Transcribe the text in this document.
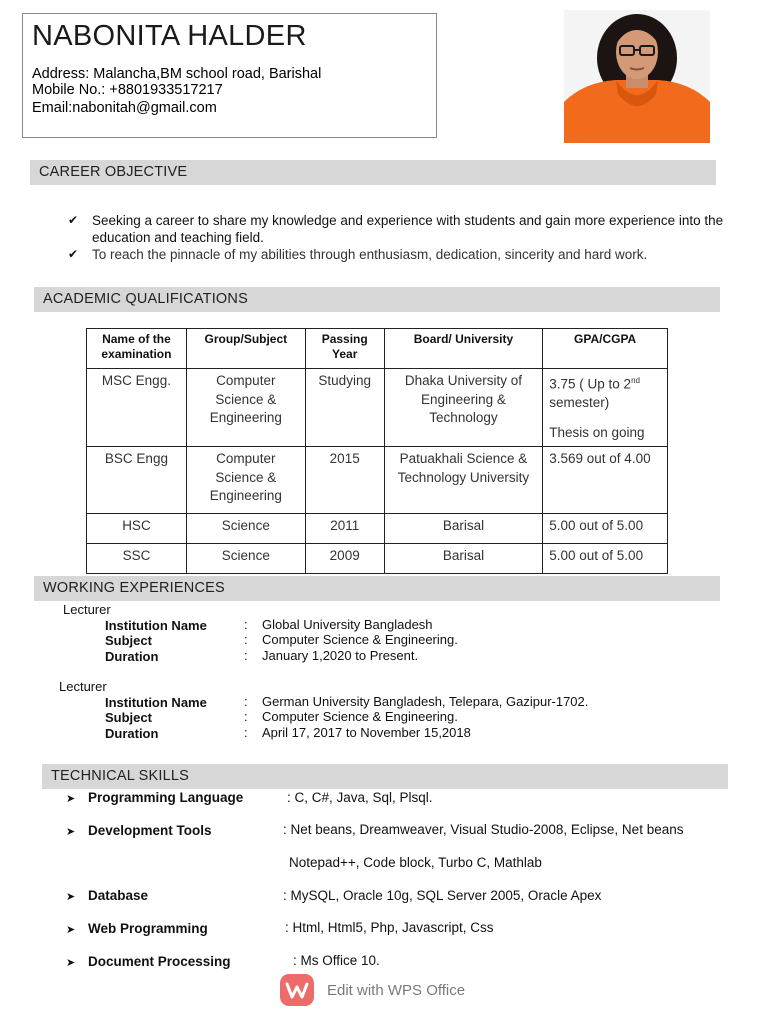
NABONITA HALDER
Address: Malancha,BM school road, Barishal
Mobile No.: +8801933517217
Email:nabonitah@gmail.com
CAREER OBJECTIVE
✔ Seeking a career to share my knowledge and experience with students and gain more experience into the education and teaching field.
✔ To reach the pinnacle of my abilities through enthusiasm, dedication, sincerity and hard work.
ACADEMIC QUALIFICATIONS
Name of the examination	Group/Subject	Passing Year	Board/ University	GPA/CGPA
MSC Engg.	Computer Science & Engineering	Studying	Dhaka University of Engineering & Technology	3.75 ( Up to 2nd
semester)
Thesis on going
BSC Engg	Computer Science & Engineering	2015	Patuakhali Science & Technology University	3.569 out of 4.00
HSC	Science	2011	Barisal	5.00 out of 5.00
SSC	Science	2009	Barisal	5.00 out of 5.00
WORKING EXPERIENCES
Lecturer
Institution Name	: Global University Bangladesh
Subject	: Computer Science & Engineering.
Duration	: January 1,2020 to Present.
Lecturer
Institution Name	: German University Bangladesh, Telepara, Gazipur-1702.
Subject	: Computer Science & Engineering.
Duration	: April 17, 2017 to November 15,2018
TECHNICAL SKILLS
➤ Programming Language	: C, C#, Java, Sql, Plsql.
➤ Development Tools	: Net beans, Dreamweaver, Visual Studio-2008, Eclipse, Net beans
Notepad++, Code block, Turbo C, Mathlab
➤ Database	: MySQL, Oracle 10g, SQL Server 2005, Oracle Apex
➤ Web Programming	: Html, Html5, Php, Javascript, Css
➤ Document Processing	: Ms Office 10.
Edit with WPS Office
